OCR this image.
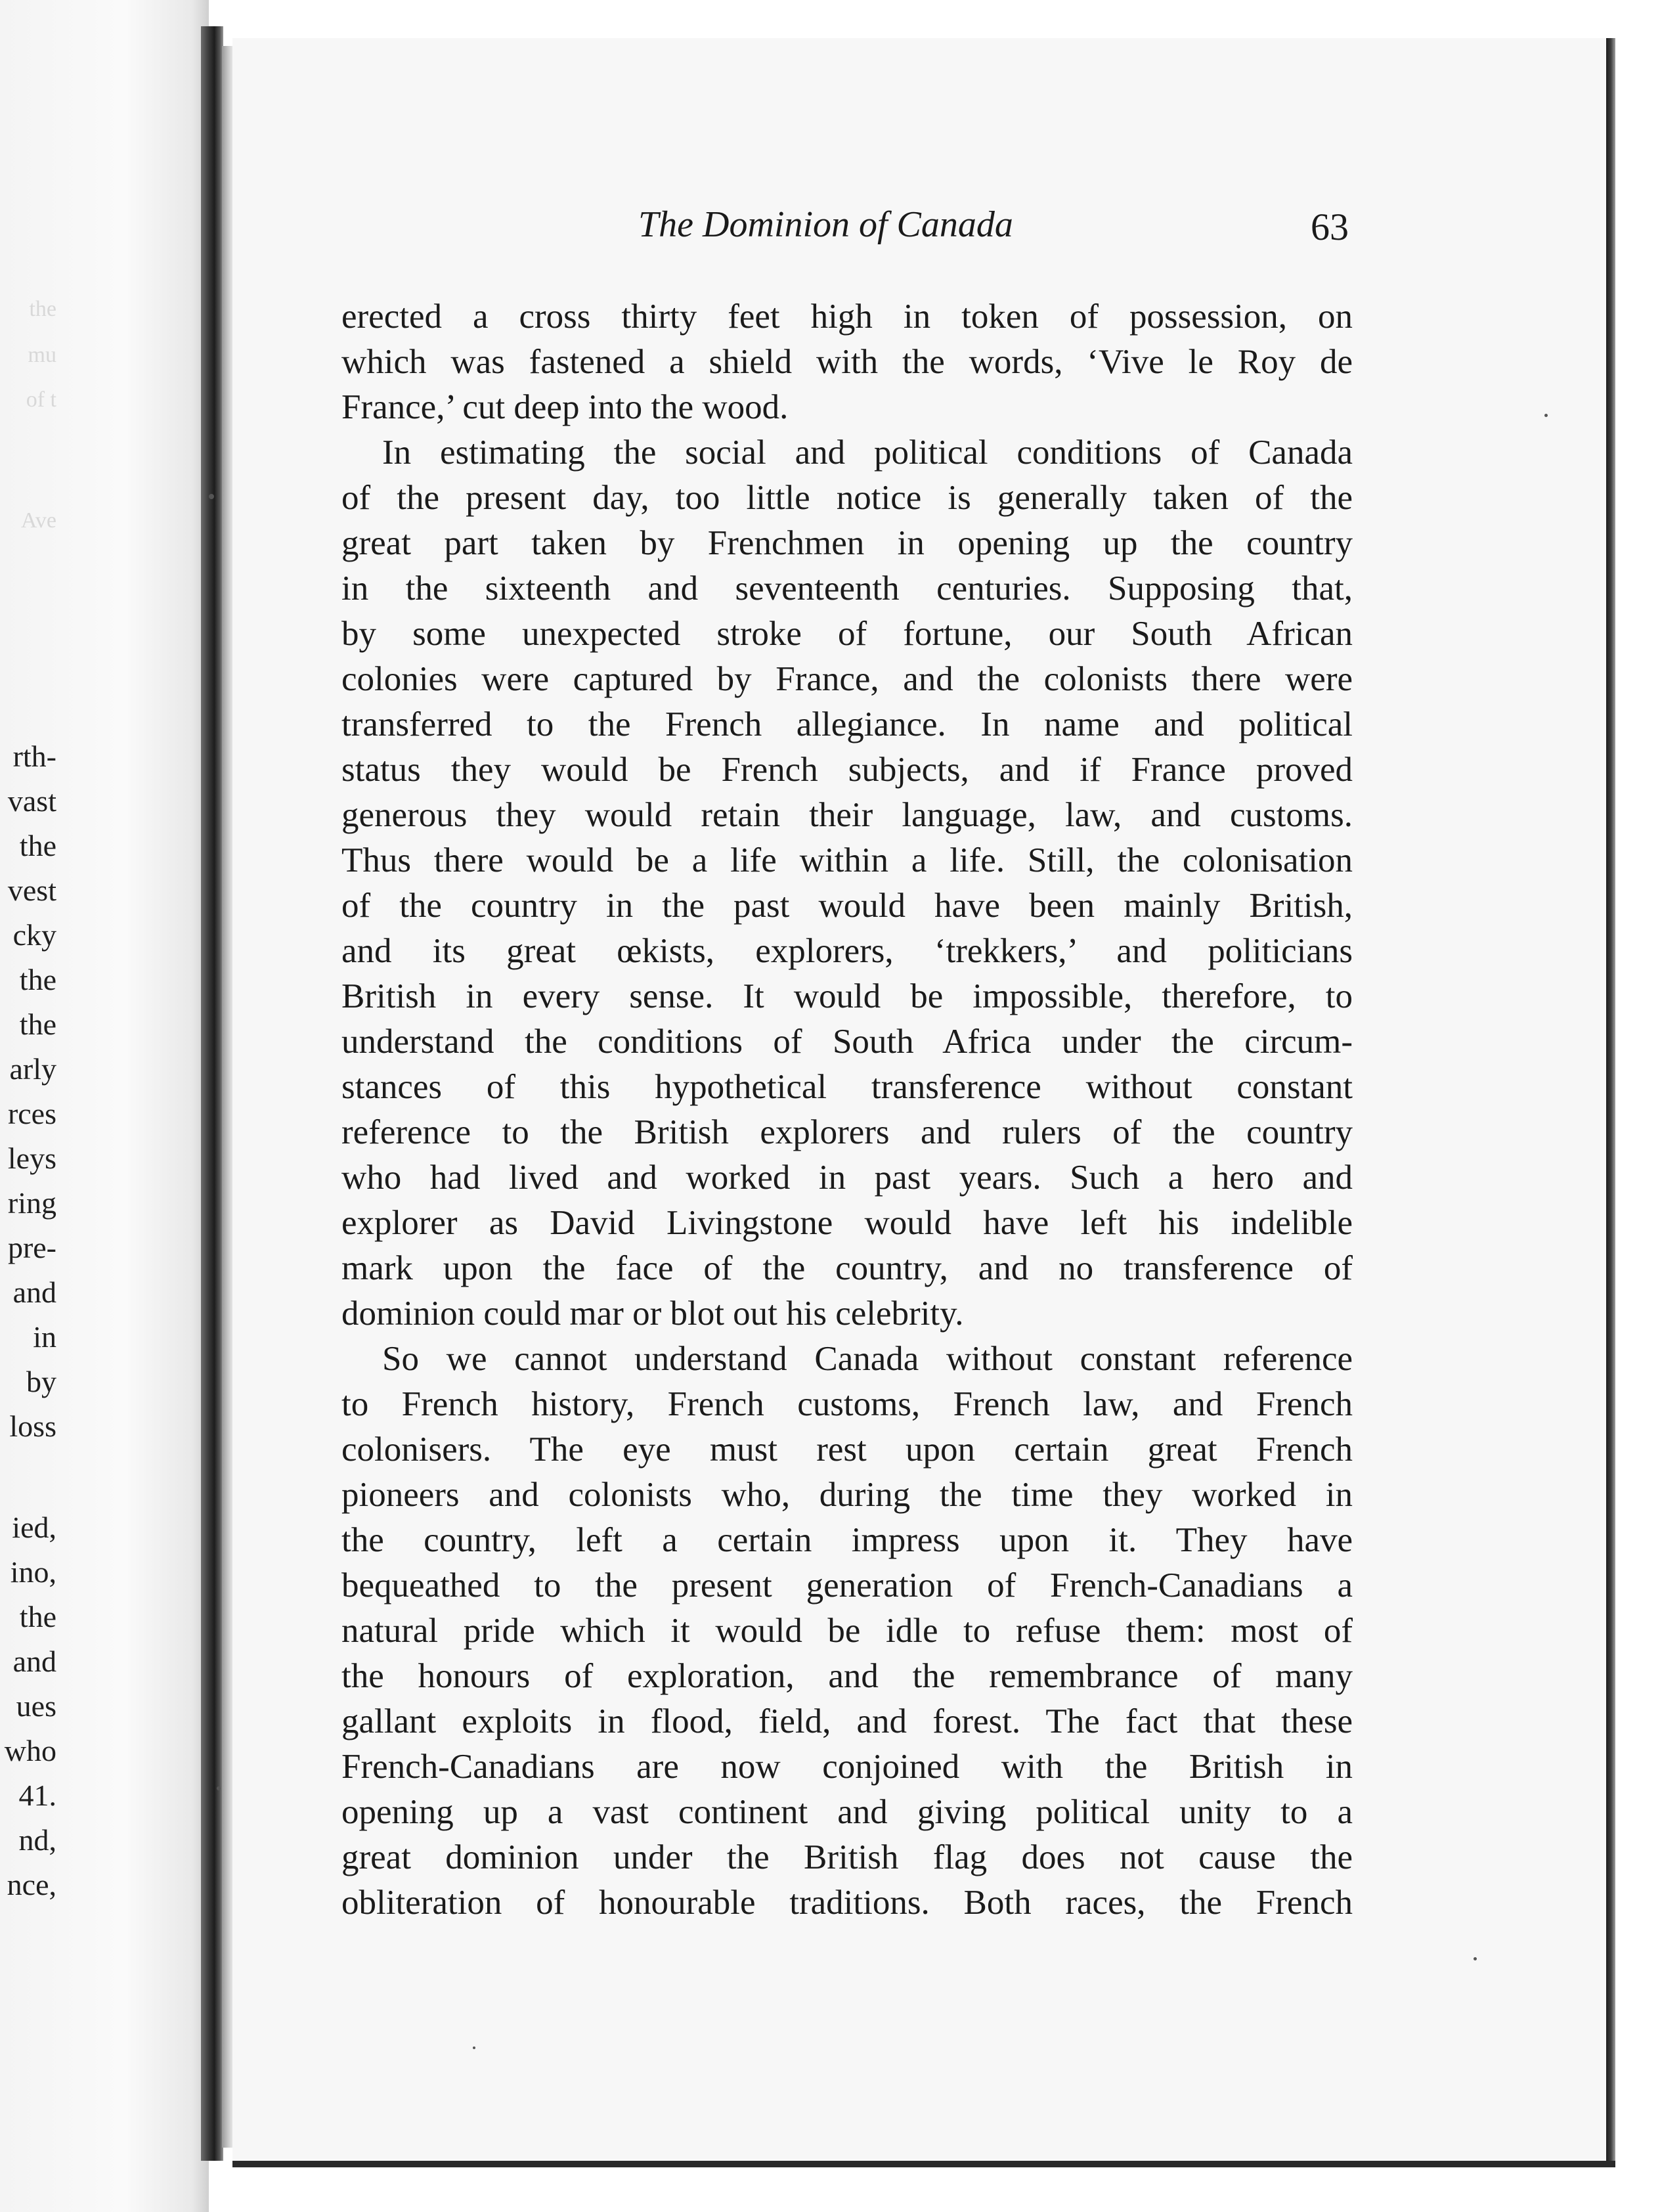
the
mu
of t
Ave
rth-
vast
the
vest
cky
the
the
arly
rces
leys
ring
pre-
and
in
by
loss
ied,
ino,
the
and
ues
who
41.
nd,
nce,
The Dominion of Canada	63
erected a cross thirty feet high in token of possession, on
which was fastened a shield with the words, ‘Vive le Roy de
France,’ cut deep into the wood.
In estimating the social and political conditions of Canada
of the present day, too little notice is generally taken of the
great part taken by Frenchmen in opening up the country
in the sixteenth and seventeenth centuries. Supposing that,
by some unexpected stroke of fortune, our South African
colonies were captured by France, and the colonists there were
transferred to the French allegiance. In name and political
status they would be French subjects, and if France proved
generous they would retain their language, law, and customs.
Thus there would be a life within a life. Still, the colonisation
of the country in the past would have been mainly British,
and its great œkists, explorers, ‘trekkers,’ and politicians
British in every sense. It would be impossible, therefore, to
understand the conditions of South Africa under the circum-
stances of this hypothetical transference without constant
reference to the British explorers and rulers of the country
who had lived and worked in past years. Such a hero and
explorer as David Livingstone would have left his indelible
mark upon the face of the country, and no transference of
dominion could mar or blot out his celebrity.
So we cannot understand Canada without constant reference
to French history, French customs, French law, and French
colonisers. The eye must rest upon certain great French
pioneers and colonists who, during the time they worked in
the country, left a certain impress upon it. They have
bequeathed to the present generation of French-Canadians a
natural pride which it would be idle to refuse them: most of
the honours of exploration, and the remembrance of many
gallant exploits in flood, field, and forest. The fact that these
French-Canadians are now conjoined with the British in
opening up a vast continent and giving political unity to a
great dominion under the British flag does not cause the
obliteration of honourable traditions. Both races, the French
